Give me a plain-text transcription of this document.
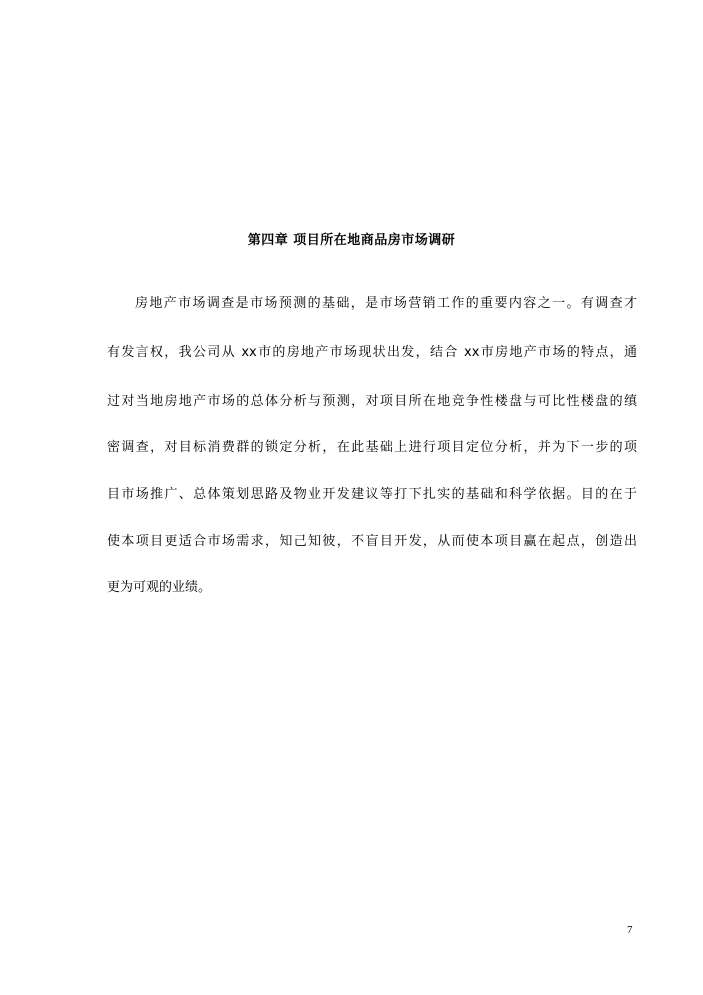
第四章 项目所在地商品房市场调研
房地产市场调查是市场预测的基础，是市场营销工作的重要内容之一。有调查才
有发言权，我公司从 xx市的房地产市场现状出发，结合 xx市房地产市场的特点，通
过对当地房地产市场的总体分析与预测，对项目所在地竞争性楼盘与可比性楼盘的缜
密调查，对目标消费群的锁定分析，在此基础上进行项目定位分析，并为下一步的项
目市场推广、总体策划思路及物业开发建议等打下扎实的基础和科学依据。目的在于
使本项目更适合市场需求，知己知彼，不盲目开发，从而使本项目赢在起点，创造出
更为可观的业绩。
7
